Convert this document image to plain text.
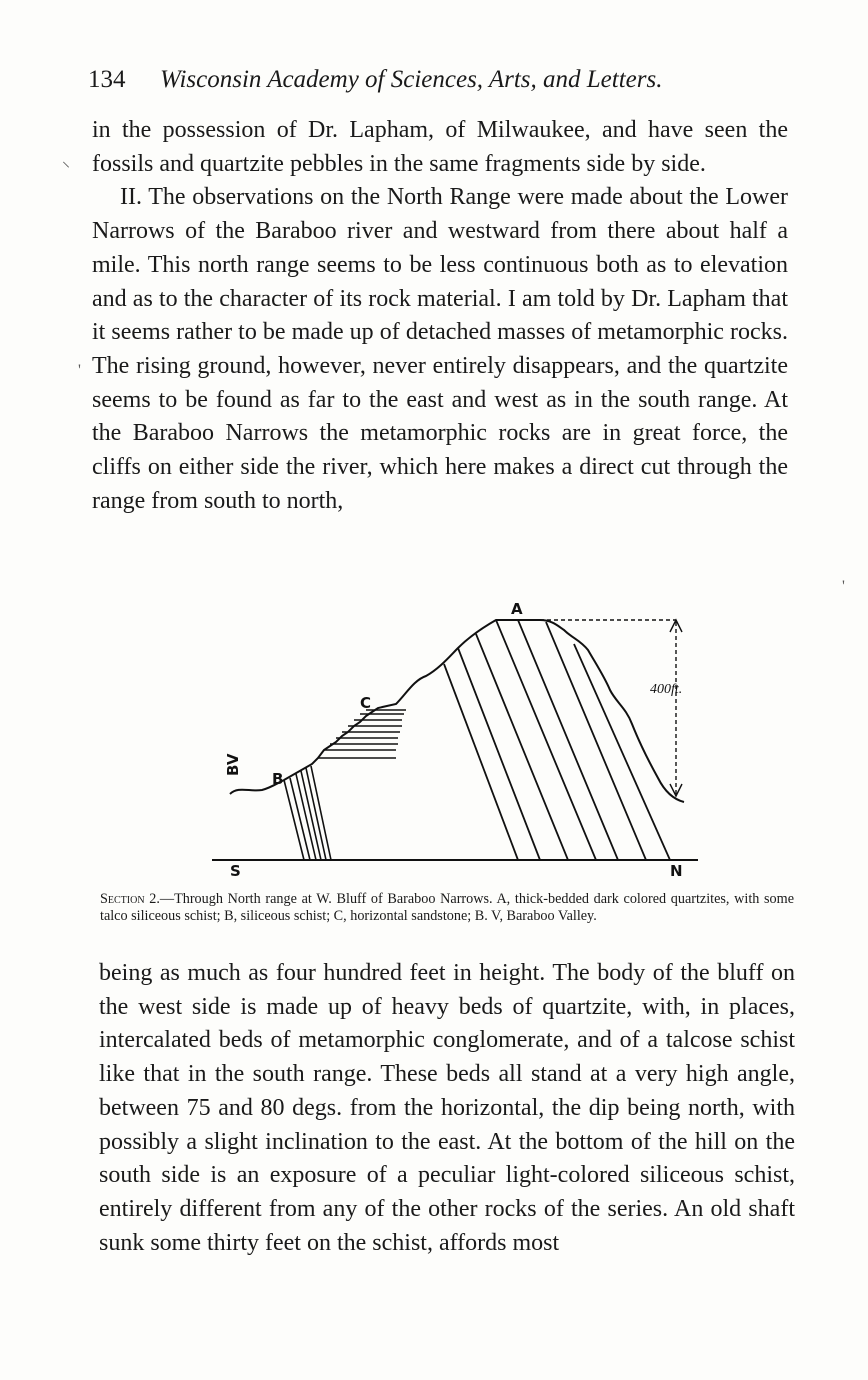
134 Wisconsin Academy of Sciences, Arts, and Letters.
⸌
'
'

in the possession of Dr. Lapham, of Milwaukee, and have seen the fossils and quartzite pebbles in the same fragments side by side.

II. The observations on the North Range were made about the Lower Narrows of the Baraboo river and westward from there about half a mile. This north range seems to be less continuous both as to elevation and as to the character of its rock material. I am told by Dr. Lapham that it seems rather to be made up of detached masses of metamorphic rocks. The rising ground, however, never entirely disappears, and the quartzite seems to be found as far to the east and west as in the south range. At the Baraboo Narrows the metamorphic rocks are in great force, the cliffs on either side the river, which here makes a direct cut through the range from south to north,

A
C
B
BV
S	N
400ft.
Section 2.—Through North range at W. Bluff of Baraboo Narrows. A, thick-bedded dark colored quartzites, with some talco siliceous schist; B, siliceous schist; C, horizontal sandstone; B. V, Baraboo Valley.

being as much as four hundred feet in height. The body of the bluff on the west side is made up of heavy beds of quartzite, with, in places, intercalated beds of metamorphic conglomerate, and of a talcose schist like that in the south range. These beds all stand at a very high angle, between 75 and 80 degs. from the horizontal, the dip being north, with possibly a slight inclination to the east. At the bottom of the hill on the south side is an exposure of a peculiar light-colored siliceous schist, entirely different from any of the other rocks of the series. An old shaft sunk some thirty feet on the schist, affords most
